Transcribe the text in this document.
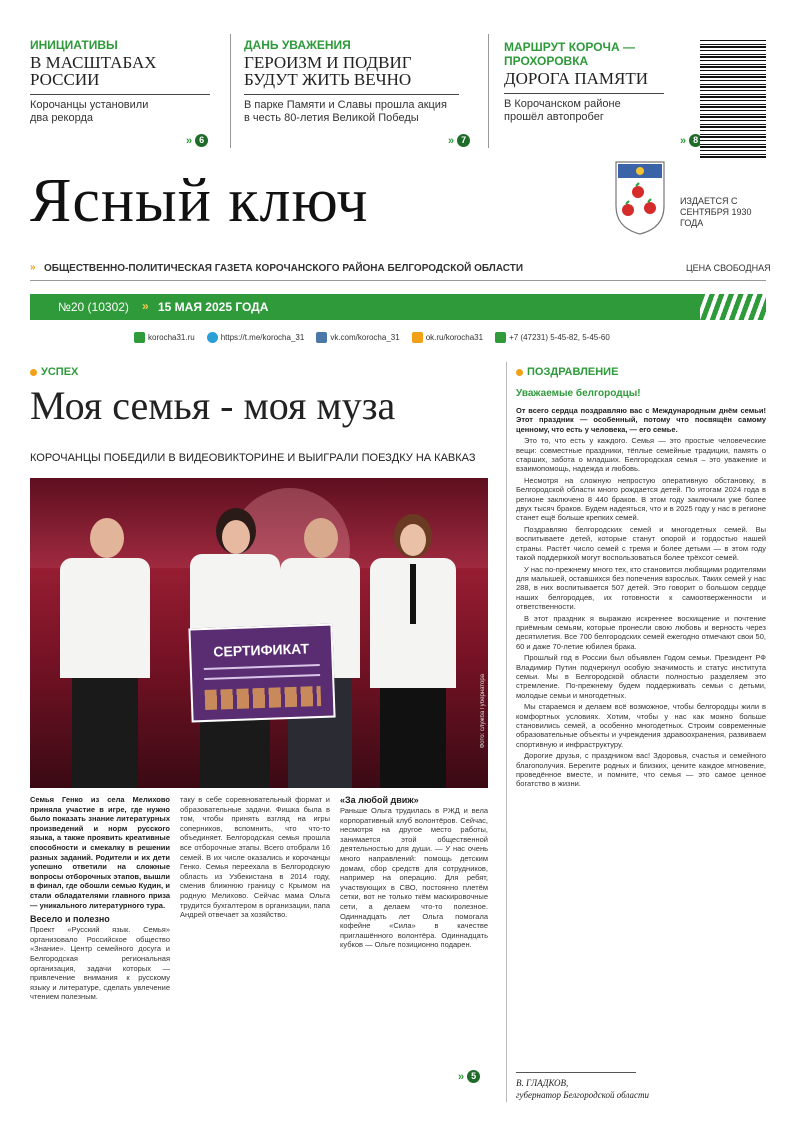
ИНИЦИАТИВЫ
В МАСШТАБАХ РОССИИ
Корочанцы установили два рекорда
» 6
ДАНЬ УВАЖЕНИЯ
ГЕРОИЗМ И ПОДВИГ БУДУТ ЖИТЬ ВЕЧНО
В парке Памяти и Славы прошла акция в честь 80-летия Великой Победы
» 7
МАРШРУТ КОРОЧА — ПРОХОРОВКА
ДОРОГА ПАМЯТИ
В Корочанском районе прошёл автопробег
» 8
Ясный ключ	ИЗДАЕТСЯ С СЕНТЯБРЯ 1930 ГОДА
» ОБЩЕСТВЕННО-ПОЛИТИЧЕСКАЯ ГАЗЕТА КОРОЧАНСКОГО РАЙОНА БЕЛГОРОДСКОЙ ОБЛАСТИ	ЦЕНА СВОБОДНАЯ
№20 (10302) » 15 МАЯ 2025 ГОДА
korocha31.ru	https://t.me/korocha_31	vk.com/korocha_31	ok.ru/korocha31	+7 (47231) 5-45-82, 5-45-60
УСПЕХ
Моя семья - моя муза
КОРОЧАНЦЫ ПОБЕДИЛИ В ВИДЕОВИКТОРИНЕ И ВЫИГРАЛИ ПОЕЗДКУ НА КАВКАЗ
СЕРТИФИКАТ
Фото: служба Губернатора

Семья Генко из села Мелихово приняла участие в игре, где нужно было показать знание литературных произведений и норм русского языка, а также проявить креативные способности и смекалку в решении разных заданий. Родители и их дети успешно ответили на сложные вопросы отборочных этапов, вышли в финал, где обошли семью Кудин, и стали обладателями главного приза — уникального литературного тура.

Весело и полезно

Проект «Русский язык. Семья» организовало Российское общество «Знание». Центр семейного досуга и Белгородская региональная организация, задачи которых — привлечение внимания к русскому языку и литературе, сделать увлечение чтением полезным.

таку в себе соревновательный формат и образовательные задачи. Фишка была в том, чтобы принять взгляд на игры соперников, вспомнить, что что-то объединяет. Белгородская семья прошла все отборочные этапы. Всего отобрали 16 семей. В их числе оказались и корочанцы Генко. Семья переехала в Белгородскую область из Узбекистана в 2014 году, сменив ближнюю границу с Крымом на родную Мелихово. Сейчас мама Ольга трудится бухгалтером в организации, папа Андрей отвечает за хозяйство.

«За любой движ»

Раньше Ольга трудилась в РЖД и вела корпоративный клуб волонтёров. Сейчас, несмотря на другое место работы, занимается этой общественной деятельностью для души. — У нас очень много направлений: помощь детским домам, сбор средств для сотрудников, например на операцию. Для ребят, участвующих в СВО, постоянно плетём сетки, вот не только ткём маскировочные сети, а делаем что-то полезное. Одиннадцать лет Ольга помогала кофейне «Сила» в качестве приглашённого волонтёра. Одиннадцать кубков — Ольге позиционно подарен.

» 5
ПОЗДРАВЛЕНИЕ
Уважаемые белгородцы!

От всего сердца поздравляю вас с Международным днём семьи! Этот праздник — особенный, потому что посвящён самому ценному, что есть у человека, — его семье.

Это то, что есть у каждого. Семья — это простые человеческие вещи: совместные праздники, тёплые семейные традиции, память о старших, забота о младших. Белгородская семья – это уважение и взаимопомощь, надежда и любовь.

Несмотря на сложную непростую оперативную обстановку, в Белгородской области много рождается детей. По итогам 2024 года в регионе заключено 8 440 браков. В этом году заключили уже более двух тысяч браков. Будем надеяться, что и в 2025 году у нас в регионе станет ещё больше крепких семей.

Поздравляю белгородских семей и многодетных семей. Вы воспитываете детей, которые станут опорой и гордостью нашей страны. Растёт число семей с тремя и более детьми — в этом году такой поддержкой могут воспользоваться более трёхсот семей.

У нас по-прежнему много тех, кто становится любящими родителями для малышей, оставшихся без попечения взрослых. Таких семей у нас 288, в них воспитывается 507 детей. Это говорит о большом сердце наших белгородцев, их готовности к самоотверженности и ответственности.

В этот праздник я выражаю искреннее восхищение и почтение приёмным семьям, которые пронесли свою любовь и верность через десятилетия. Все 700 белгородских семей ежегодно отмечают свои 50, 60 и даже 70-летие юбилея брака.

Прошлый год в России был объявлен Годом семьи. Президент РФ Владимир Путин подчеркнул особую значимость и статус института семьи. Мы в Белгородской области полностью разделяем это стремление. По-прежнему будем поддерживать семьи с детьми, молодые семьи и многодетных.

Мы стараемся и делаем всё возможное, чтобы белгородцы жили в комфортных условиях. Хотим, чтобы у нас как можно больше становились семей, а особенно многодетных. Строим современные образовательные объекты и учреждения здравоохранения, развиваем спортивную и инфраструктуру.

Дорогие друзья, с праздником вас! Здоровья, счастья и семейного благополучия. Берегите родных и близких, цените каждое мгновение, проведённое вместе, и помните, что семья — это самое ценное богатство в жизни.

В. ГЛАДКОВ,
губернатор Белгородской области
